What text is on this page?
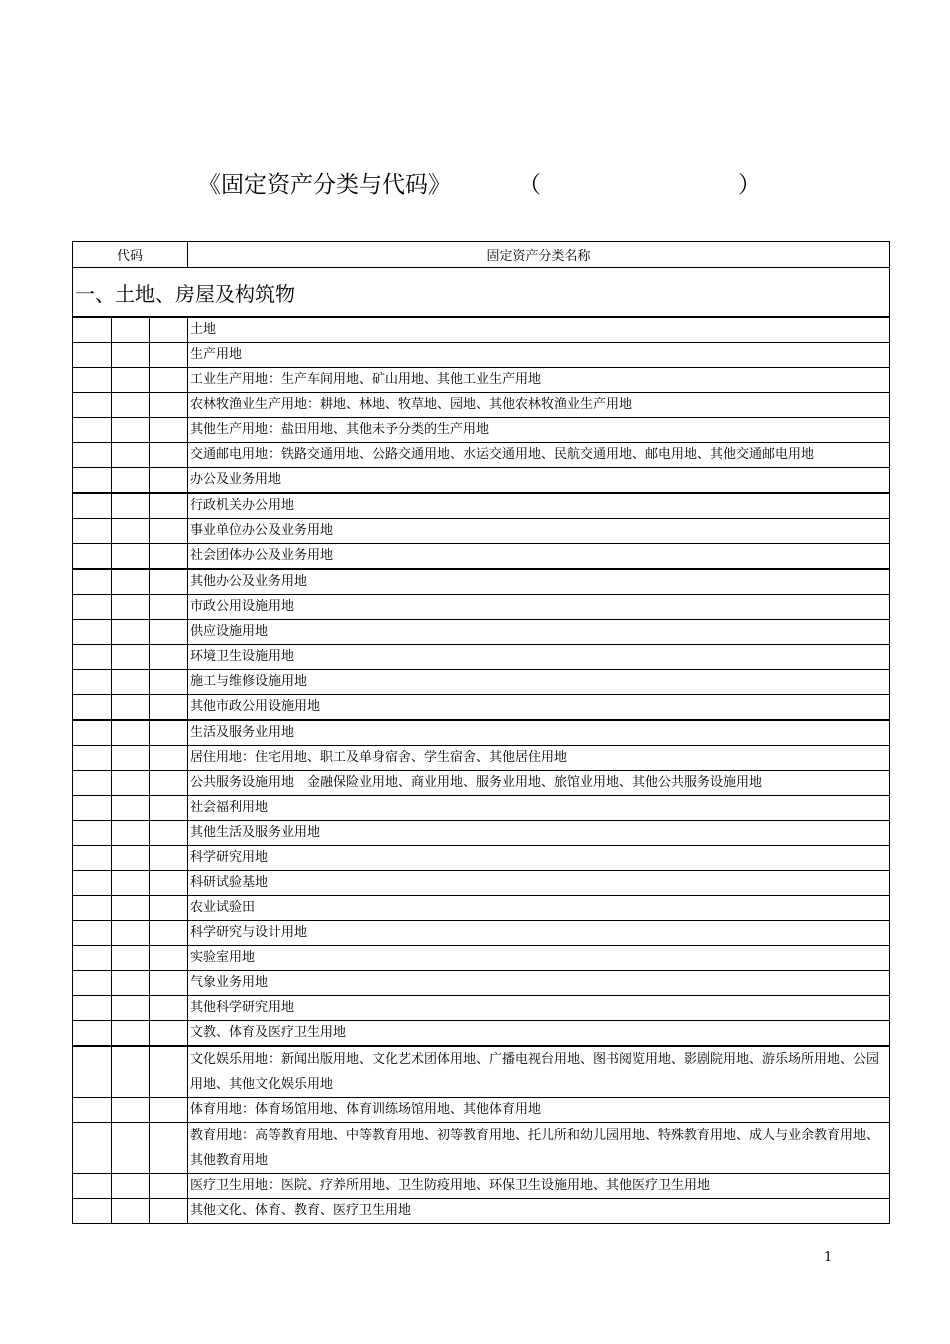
《固定资产分类与代码》	（	）
代码			固定资产分类名称
一、土地、房屋及构筑物			
			土地
			生产用地
			工业生产用地：生产车间用地、矿山用地、其他工业生产用地
			农林牧渔业生产用地：耕地、林地、牧草地、园地、其他农林牧渔业生产用地
			其他生产用地：盐田用地、其他未予分类的生产用地
			交通邮电用地：铁路交通用地、公路交通用地、水运交通用地、民航交通用地、邮电用地、其他交通邮电用地
			办公及业务用地
			行政机关办公用地
			事业单位办公及业务用地
			社会团体办公及业务用地
			其他办公及业务用地
			市政公用设施用地
			供应设施用地
			环境卫生设施用地
			施工与维修设施用地
			其他市政公用设施用地
			生活及服务业用地
			居住用地：住宅用地、职工及单身宿舍、学生宿舍、其他居住用地
			公共服务设施用地　金融保险业用地、商业用地、服务业用地、旅馆业用地、其他公共服务设施用地
			社会福利用地
			其他生活及服务业用地
			科学研究用地
			科研试验基地
			农业试验田
			科学研究与设计用地
			实验室用地
			气象业务用地
			其他科学研究用地
			文教、体育及医疗卫生用地
			文化娱乐用地：新闻出版用地、文化艺术团体用地、广播电视台用地、图书阅览用地、影剧院用地、游乐场所用地、公园用地、其他文化娱乐用地
			体育用地：体育场馆用地、体育训练场馆用地、其他体育用地
			教育用地：高等教育用地、中等教育用地、初等教育用地、托儿所和幼儿园用地、特殊教育用地、成人与业余教育用地、其他教育用地
			医疗卫生用地：医院、疗养所用地、卫生防疫用地、环保卫生设施用地、其他医疗卫生用地
			其他文化、体育、教育、医疗卫生用地
1
